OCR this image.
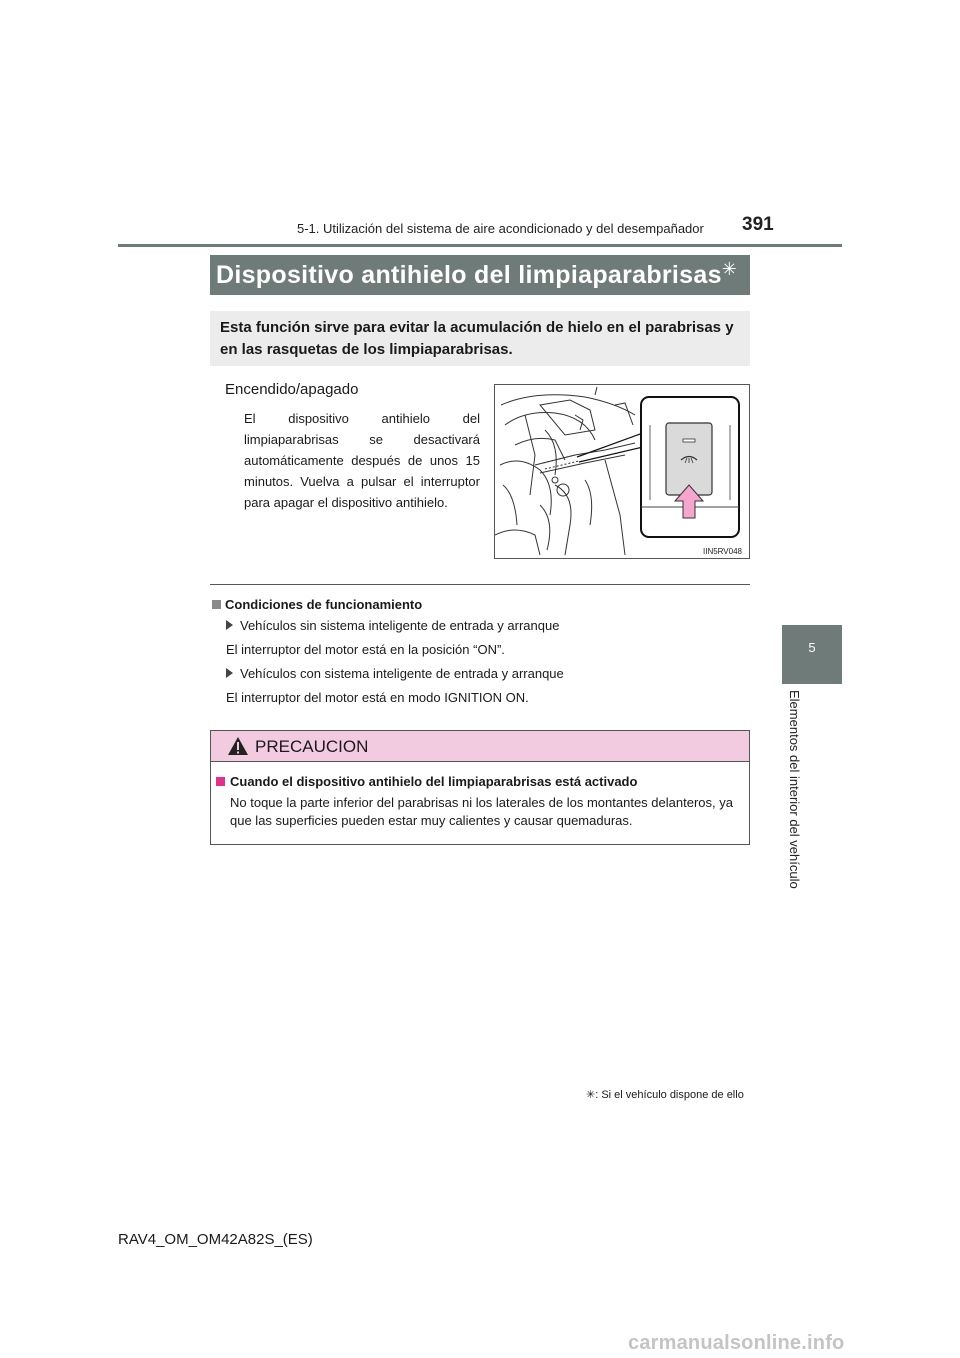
5-1. Utilización del sistema de aire acondicionado y del desempañador 391
5
Elementos del interior del vehículo
Dispositivo antihielo del limpiaparabrisas✳
Esta función sirve para evitar la acumulación de hielo en el parabrisas y en las rasquetas de los limpiaparabrisas.
Encendido/apagado
El dispositivo antihielo del limpiaparabrisas se desactivará automáticamente después de unos 15 minutos. Vuelva a pulsar el interruptor para apagar el dispositivo antihielo.
IIN5RV048
Condiciones de funcionamiento
Vehículos sin sistema inteligente de entrada y arranque
El interruptor del motor está en la posición “ON”.
Vehículos con sistema inteligente de entrada y arranque
El interruptor del motor está en modo IGNITION ON.
PRECAUCION
Cuando el dispositivo antihielo del limpiaparabrisas está activado
No toque la parte inferior del parabrisas ni los laterales de los montantes delanteros, ya que las superficies pueden estar muy calientes y causar quemaduras.
✳: Si el vehículo dispone de ello
RAV4_OM_OM42A82S_(ES)
carmanualsonline.info
